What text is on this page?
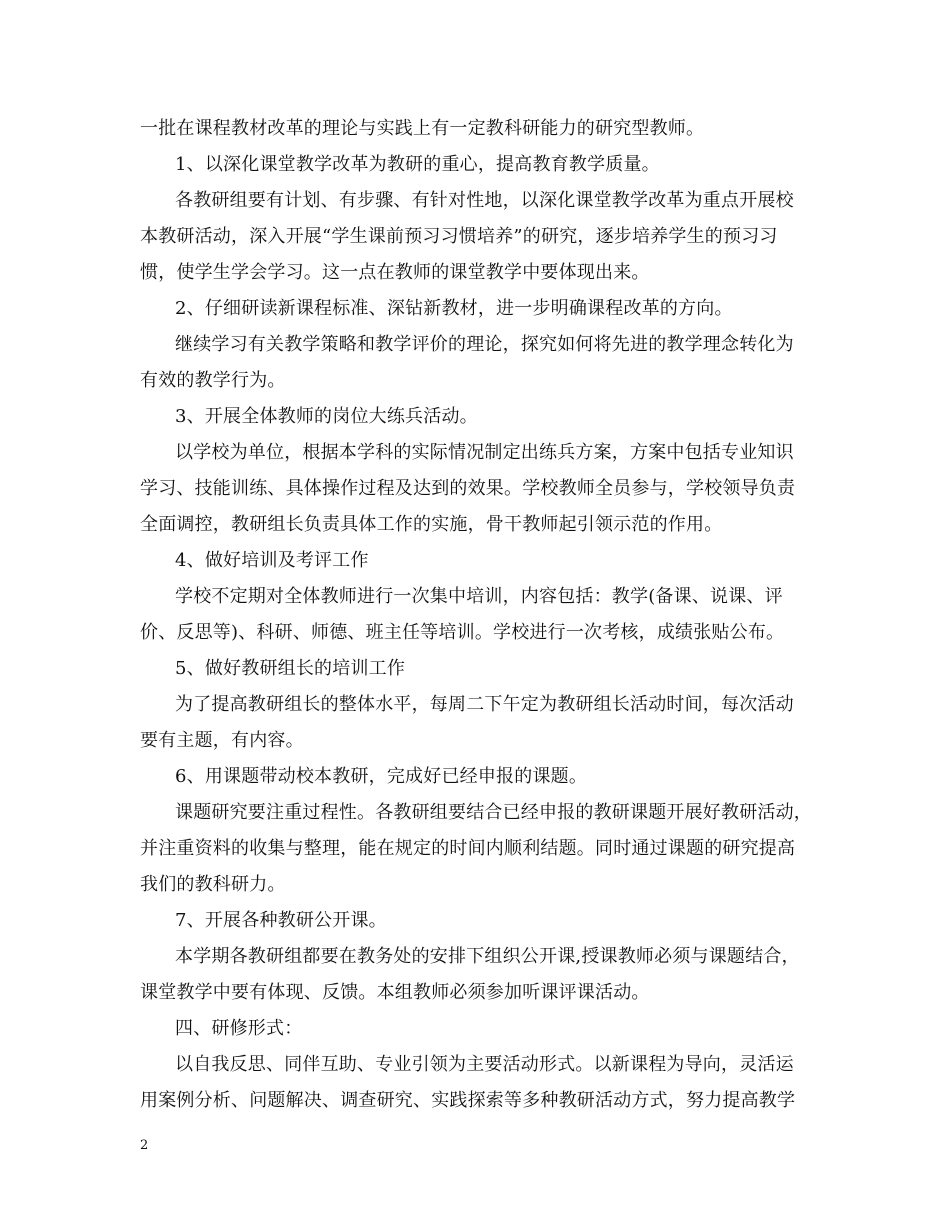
一批在课程教材改革的理论与实践上有一定教科研能力的研究型教师。
1、以深化课堂教学改革为教研的重心，提高教育教学质量。
各教研组要有计划、有步骤、有针对性地，以深化课堂教学改革为重点开展校
本教研活动，深入开展“学生课前预习习惯培养”的研究，逐步培养学生的预习习
惯，使学生学会学习。这一点在教师的课堂教学中要体现出来。
2、仔细研读新课程标准、深钻新教材，进一步明确课程改革的方向。
继续学习有关教学策略和教学评价的理论，探究如何将先进的教学理念转化为
有效的教学行为。
3、开展全体教师的岗位大练兵活动。
以学校为单位，根据本学科的实际情况制定出练兵方案，方案中包括专业知识
学习、技能训练、具体操作过程及达到的效果。学校教师全员参与，学校领导负责
全面调控，教研组长负责具体工作的实施，骨干教师起引领示范的作用。
4、做好培训及考评工作
学校不定期对全体教师进行一次集中培训，内容包括：教学(备课、说课、评
价、反思等)、科研、师德、班主任等培训。学校进行一次考核，成绩张贴公布。
5、做好教研组长的培训工作
为了提高教研组长的整体水平，每周二下午定为教研组长活动时间，每次活动
要有主题，有内容。
6、用课题带动校本教研，完成好已经申报的课题。
课题研究要注重过程性。各教研组要结合已经申报的教研课题开展好教研活动，
并注重资料的收集与整理，能在规定的时间内顺利结题。同时通过课题的研究提高
我们的教科研力。
7、开展各种教研公开课。
本学期各教研组都要在教务处的安排下组织公开课,授课教师必须与课题结合，
课堂教学中要有体现、反馈。本组教师必须参加听课评课活动。
四、研修形式：
以自我反思、同伴互助、专业引领为主要活动形式。以新课程为导向，灵活运
用案例分析、问题解决、调查研究、实践探索等多种教研活动方式，努力提高教学
2
